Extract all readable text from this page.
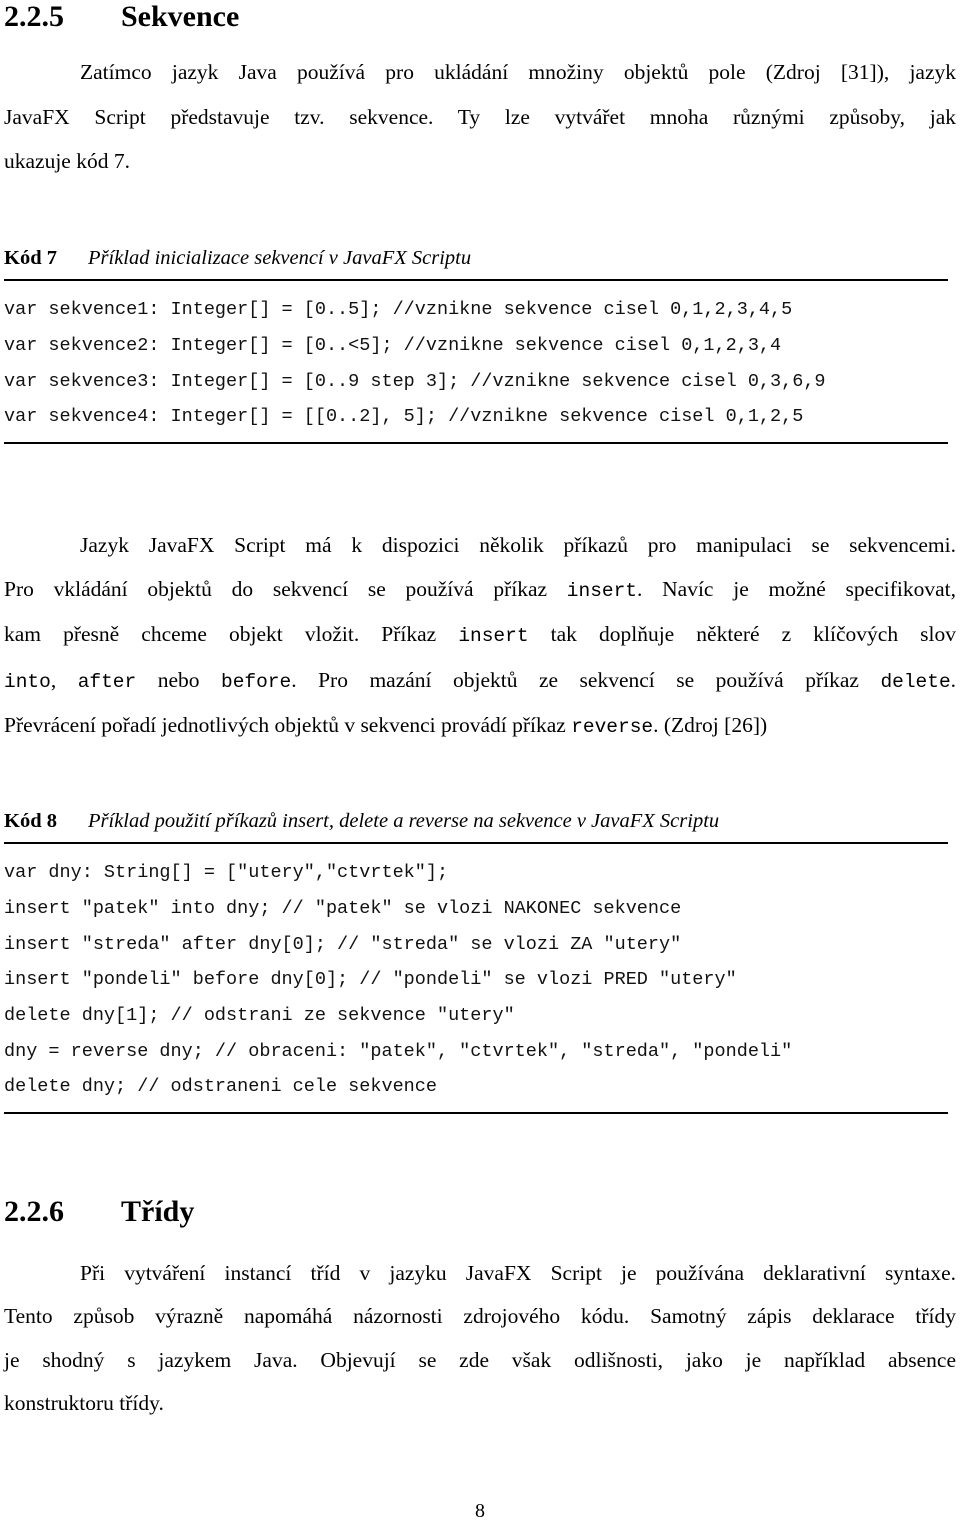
2.2.5 Sekvence
Zatímco jazyk Java používá pro ukládání množiny objektů pole (Zdroj [31]), jazyk
JavaFX Script představuje tzv. sekvence. Ty lze vytvářet mnoha různými způsoby, jak
ukazuje kód 7.
Kód 7 Příklad inicializace sekvencí v JavaFX Scriptu
var sekvence1: Integer[] = [0..5]; //vznikne sekvence cisel 0,1,2,3,4,5
var sekvence2: Integer[] = [0..<5]; //vznikne sekvence cisel 0,1,2,3,4
var sekvence3: Integer[] = [0..9 step 3]; //vznikne sekvence cisel 0,3,6,9
var sekvence4: Integer[] = [[0..2], 5]; //vznikne sekvence cisel 0,1,2,5
Jazyk JavaFX Script má k dispozici několik příkazů pro manipulaci se sekvencemi.
Pro vkládání objektů do sekvencí se používá příkaz insert. Navíc je možné specifikovat,
kam přesně chceme objekt vložit. Příkaz insert tak doplňuje některé z klíčových slov
into, after nebo before. Pro mazání objektů ze sekvencí se používá příkaz delete.
Převrácení pořadí jednotlivých objektů v sekvenci provádí příkaz reverse. (Zdroj [26])
Kód 8 Příklad použití příkazů insert, delete a reverse na sekvence v JavaFX Scriptu
var dny: String[] = ["utery","ctvrtek"];
insert "patek" into dny; // "patek" se vlozi NAKONEC sekvence
insert "streda" after dny[0]; // "streda" se vlozi ZA "utery"
insert "pondeli" before dny[0]; // "pondeli" se vlozi PRED "utery"
delete dny[1]; // odstrani ze sekvence "utery"
dny = reverse dny; // obraceni: "patek", "ctvrtek", "streda", "pondeli"
delete dny; // odstraneni cele sekvence
2.2.6 Třídy
Při vytváření instancí tříd v jazyku JavaFX Script je používána deklarativní syntaxe.
Tento způsob výrazně napomáhá názornosti zdrojového kódu. Samotný zápis deklarace třídy
je shodný s jazykem Java. Objevují se zde však odlišnosti, jako je například absence
konstruktoru třídy.
8
